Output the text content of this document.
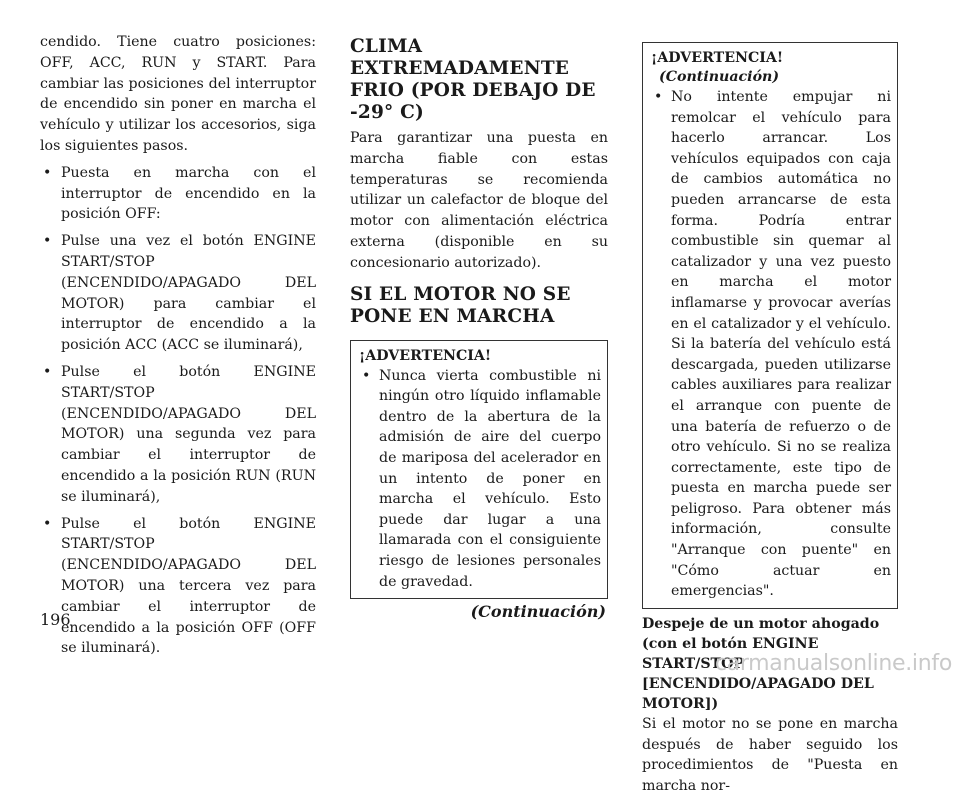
cendido. Tiene cuatro posiciones: OFF, ACC, RUN y START. Para cambiar las posiciones del interruptor de encendido sin poner en marcha el vehículo y utilizar los accesorios, siga los siguientes pasos.

• Puesta en marcha con el interruptor de encendido en la posición OFF:
• Pulse una vez el botón ENGINE START/STOP (ENCENDIDO/APAGADO DEL MOTOR) para cambiar el interruptor de encendido a la posición ACC (ACC se iluminará),
• Pulse el botón ENGINE START/STOP (ENCENDIDO/APAGADO DEL MOTOR) una segunda vez para cambiar el interruptor de encendido a la posición RUN (RUN se iluminará),
• Pulse el botón ENGINE START/STOP (ENCENDIDO/APAGADO DEL MOTOR) una tercera vez para cambiar el interruptor de encendido a la posición OFF (OFF se iluminará).
CLIMA EXTREMADAMENTE FRIO (POR DEBAJO DE -29° C)

Para garantizar una puesta en marcha fiable con estas temperaturas se recomienda utilizar un calefactor de bloque del motor con alimentación eléctrica externa (disponible en su concesionario autorizado).

SI EL MOTOR NO SE PONE EN MARCHA
¡ADVERTENCIA!
• Nunca vierta combustible ni ningún otro líquido inflamable dentro de la abertura de la admisión de aire del cuerpo de mariposa del acelerador en un intento de poner en marcha el vehículo. Esto puede dar lugar a una llamarada con el consiguiente riesgo de lesiones personales de gravedad.
(Continuación)
¡ADVERTENCIA!(Continuación)
• No intente empujar ni remolcar el vehículo para hacerlo arrancar. Los vehículos equipados con caja de cambios automática no pueden arrancarse de esta forma. Podría entrar combustible sin quemar al catalizador y una vez puesto en marcha el motor inflamarse y provocar averías en el catalizador y el vehículo. Si la batería del vehículo está descargada, pueden utilizarse cables auxiliares para realizar el arranque con puente de una batería de refuerzo o de otro vehículo. Si no se realiza correctamente, este tipo de puesta en marcha puede ser peligroso. Para obtener más información, consulte "Arranque con puente" en "Cómo actuar en emergencias".
Despeje de un motor ahogado (con el botón ENGINE START/STOP [ENCENDIDO/APAGADO DEL MOTOR])

Si el motor no se pone en marcha después de haber seguido los procedimientos de "Puesta en marcha nor-

196
carmanualsonline.info
